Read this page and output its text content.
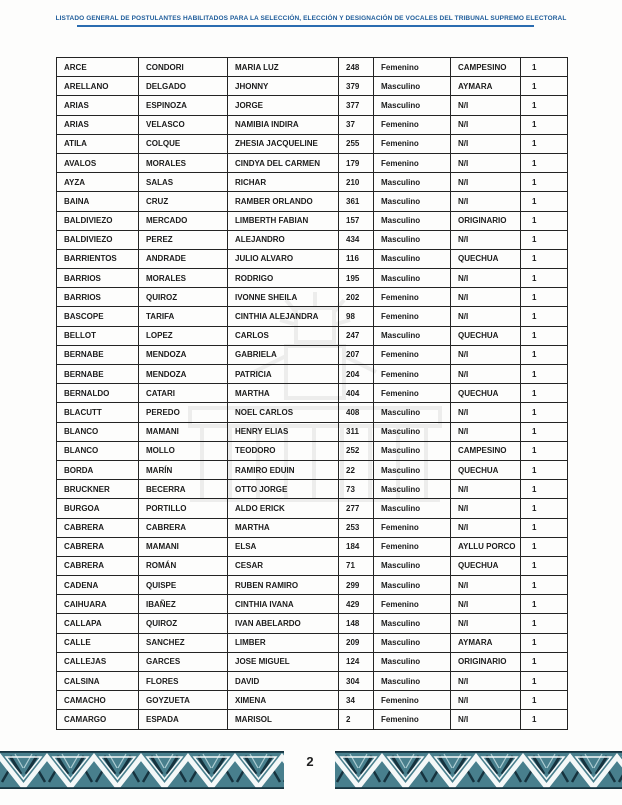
LISTADO GENERAL DE POSTULANTES HABILITADOS PARA LA SELECCIÓN, ELECCIÓN Y DESIGNACIÓN DE VOCALES DEL TRIBUNAL SUPREMO ELECTORAL
ARCE	CONDORI	MARIA LUZ	248	Femenino	CAMPESINO	1
ARELLANO	DELGADO	JHONNY	379	Masculino	AYMARA	1
ARIAS	ESPINOZA	JORGE	377	Masculino	N/I	1
ARIAS	VELASCO	NAMIBIA INDIRA	37	Femenino	N/I	1
ATILA	COLQUE	ZHESIA JACQUELINE	255	Femenino	N/I	1
AVALOS	MORALES	CINDYA DEL CARMEN	179	Femenino	N/I	1
AYZA	SALAS	RICHAR	210	Masculino	N/I	1
BAINA	CRUZ	RAMBER ORLANDO	361	Masculino	N/I	1
BALDIVIEZO	MERCADO	LIMBERTH FABIAN	157	Masculino	ORIGINARIO	1
BALDIVIEZO	PEREZ	ALEJANDRO	434	Masculino	N/I	1
BARRIENTOS	ANDRADE	JULIO ALVARO	116	Masculino	QUECHUA	1
BARRIOS	MORALES	RODRIGO	195	Masculino	N/I	1
BARRIOS	QUIROZ	IVONNE SHEILA	202	Femenino	N/I	1
BASCOPE	TARIFA	CINTHIA ALEJANDRA	98	Femenino	N/I	1
BELLOT	LOPEZ	CARLOS	247	Masculino	QUECHUA	1
BERNABE	MENDOZA	GABRIELA	207	Femenino	N/I	1
BERNABE	MENDOZA	PATRICIA	204	Femenino	N/I	1
BERNALDO	CATARI	MARTHA	404	Femenino	QUECHUA	1
BLACUTT	PEREDO	NOEL CARLOS	408	Masculino	N/I	1
BLANCO	MAMANI	HENRY ELIAS	311	Masculino	N/I	1
BLANCO	MOLLO	TEODORO	252	Masculino	CAMPESINO	1
BORDA	MARÍN	RAMIRO EDUIN	22	Masculino	QUECHUA	1
BRUCKNER	BECERRA	OTTO JORGE	73	Masculino	N/I	1
BURGOA	PORTILLO	ALDO ERICK	277	Masculino	N/I	1
CABRERA	CABRERA	MARTHA	253	Femenino	N/I	1
CABRERA	MAMANI	ELSA	184	Femenino	AYLLU PORCO	1
CABRERA	ROMÁN	CESAR	71	Masculino	QUECHUA	1
CADENA	QUISPE	RUBEN RAMIRO	299	Masculino	N/I	1
CAIHUARA	IBAÑEZ	CINTHIA IVANA	429	Femenino	N/I	1
CALLAPA	QUIROZ	IVAN ABELARDO	148	Masculino	N/I	1
CALLE	SANCHEZ	LIMBER	209	Masculino	AYMARA	1
CALLEJAS	GARCES	JOSE MIGUEL	124	Masculino	ORIGINARIO	1
CALSINA	FLORES	DAVID	304	Masculino	N/I	1
CAMACHO	GOYZUETA	XIMENA	34	Femenino	N/I	1
CAMARGO	ESPADA	MARISOL	2	Femenino	N/I	1
2
